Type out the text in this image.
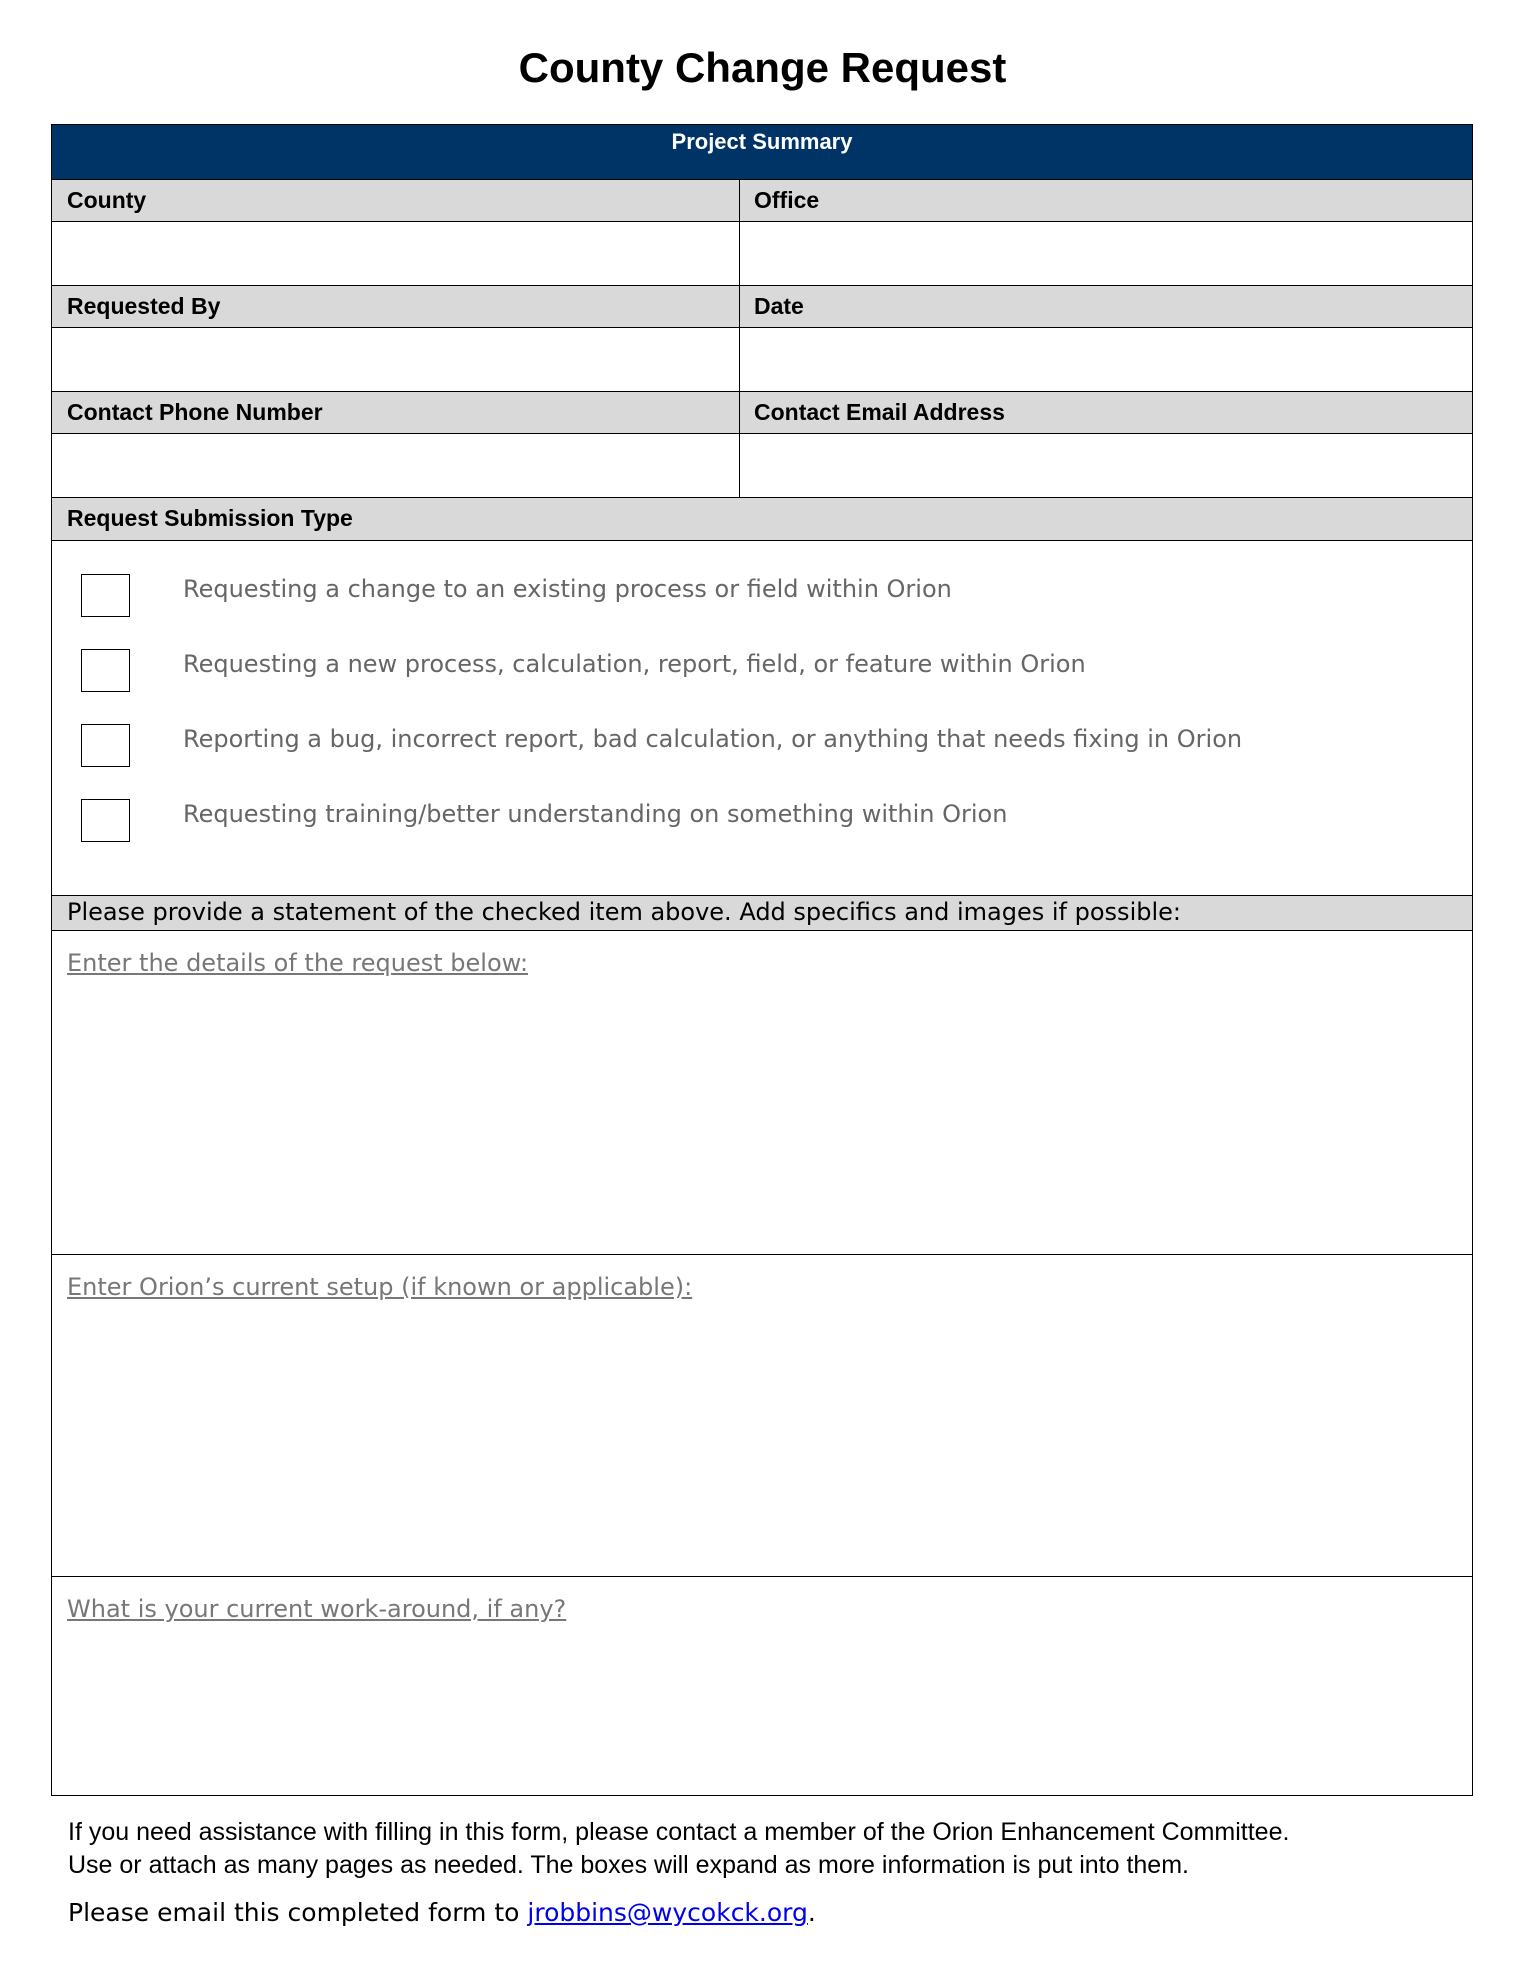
County Change Request
Project Summary
County	Office
Requested By	Date
Contact Phone Number	Contact Email Address
Request Submission Type
Requesting a change to an existing process or field within Orion
Requesting a new process, calculation, report, field, or feature within Orion
Reporting a bug, incorrect report, bad calculation, or anything that needs fixing in Orion
Requesting training/better understanding on something within Orion
Please provide a statement of the checked item above. Add specifics and images if possible:
Enter the details of the request below:
Enter Orion’s current setup (if known or applicable):
What is your current work-around, if any?

If you need assistance with filling in this form, please contact a member of the Orion Enhancement Committee.

Use or attach as many pages as needed. The boxes will expand as more information is put into them.

Please email this completed form to jrobbins@wycokck.org.
